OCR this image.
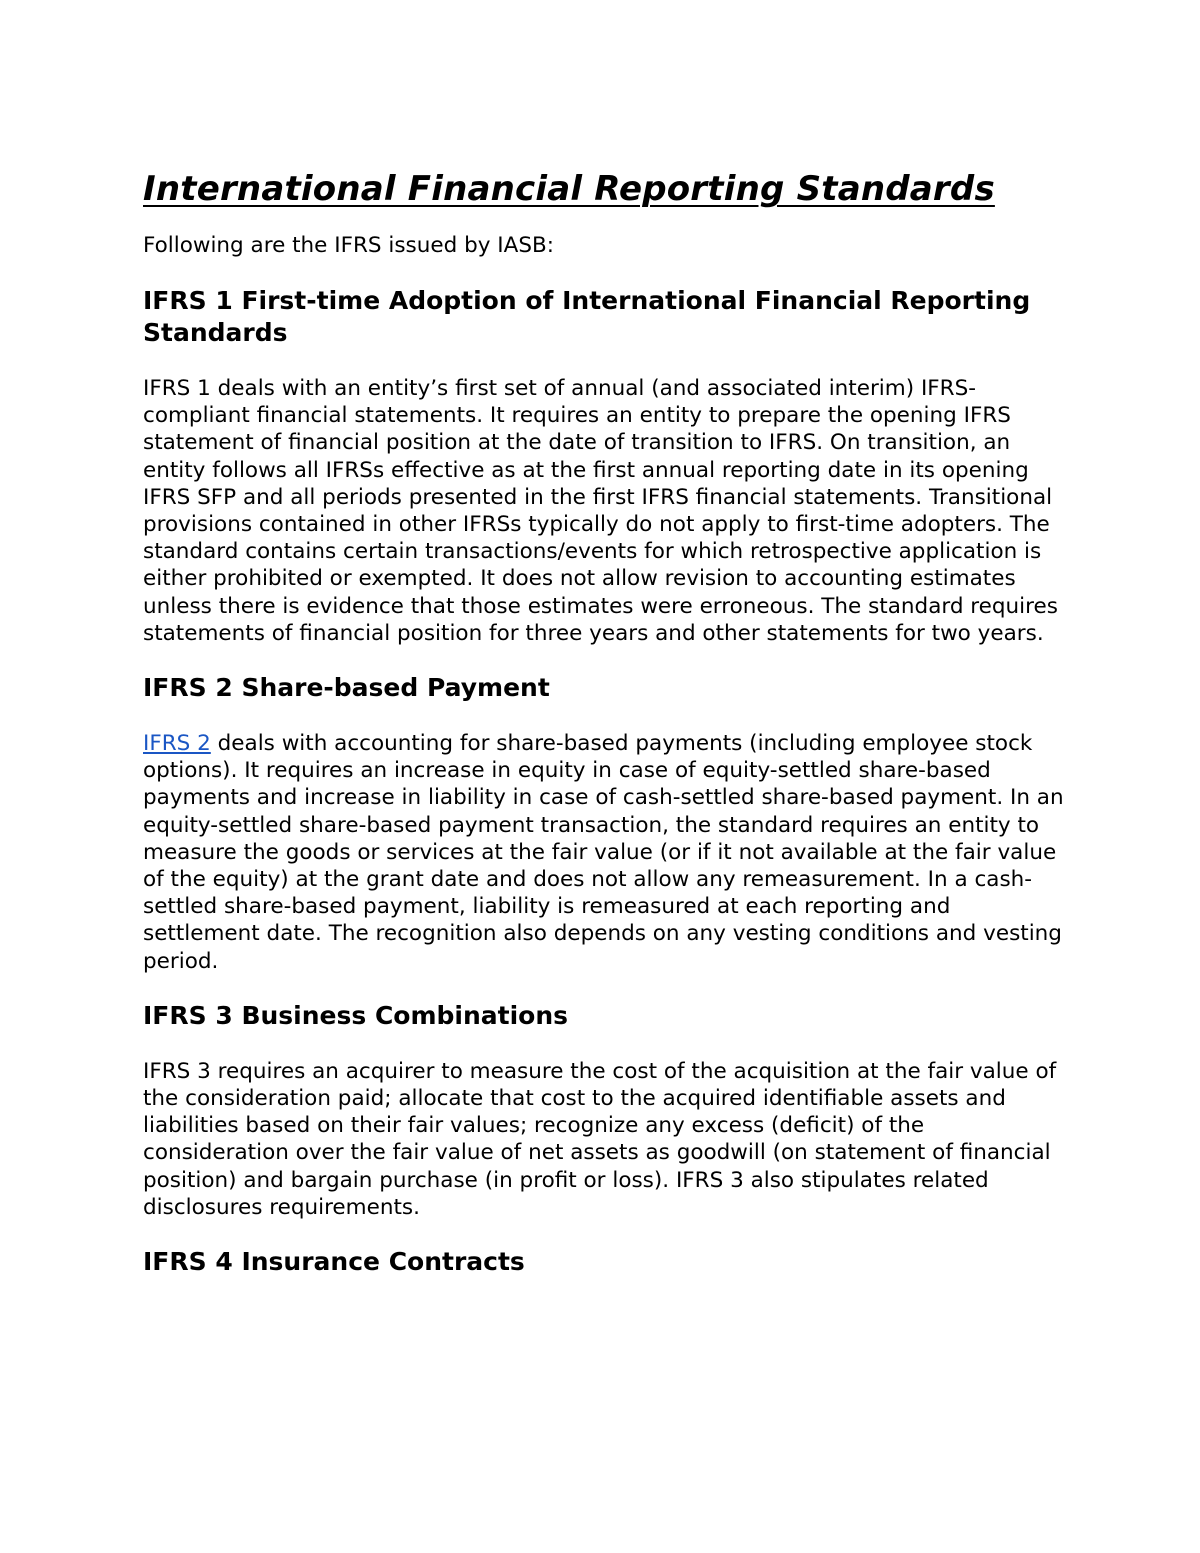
International Financial Reporting Standards

Following are the IFRS issued by IASB:

IFRS 1 First-time Adoption of International Financial Reporting Standards

IFRS 1 deals with an entity’s first set of annual (and associated interim) IFRS-compliant financial statements. It requires an entity to prepare the opening IFRS statement of financial position at the date of transition to IFRS. On transition, an entity follows all IFRSs effective as at the first annual reporting date in its opening IFRS SFP and all periods presented in the first IFRS financial statements. Transitional provisions contained in other IFRSs typically do not apply to first-time adopters. The standard contains certain transactions/events for which retrospective application is either prohibited or exempted. It does not allow revision to accounting estimates unless there is evidence that those estimates were erroneous. The standard requires statements of financial position for three years and other statements for two years.

IFRS 2 Share-based Payment

IFRS 2 deals with accounting for share-based payments (including employee stock options). It requires an increase in equity in case of equity-settled share-based payments and increase in liability in case of cash-settled share-based payment. In an equity-settled share-based payment transaction, the standard requires an entity to measure the goods or services at the fair value (or if it not available at the fair value of the equity) at the grant date and does not allow any remeasurement. In a cash-settled share-based payment, liability is remeasured at each reporting and settlement date. The recognition also depends on any vesting conditions and vesting period.

IFRS 3 Business Combinations

IFRS 3 requires an acquirer to measure the cost of the acquisition at the fair value of the consideration paid; allocate that cost to the acquired identifiable assets and liabilities based on their fair values; recognize any excess (deficit) of the consideration over the fair value of net assets as goodwill (on statement of financial position) and bargain purchase (in profit or loss). IFRS 3 also stipulates related disclosures requirements.

IFRS 4 Insurance Contracts
